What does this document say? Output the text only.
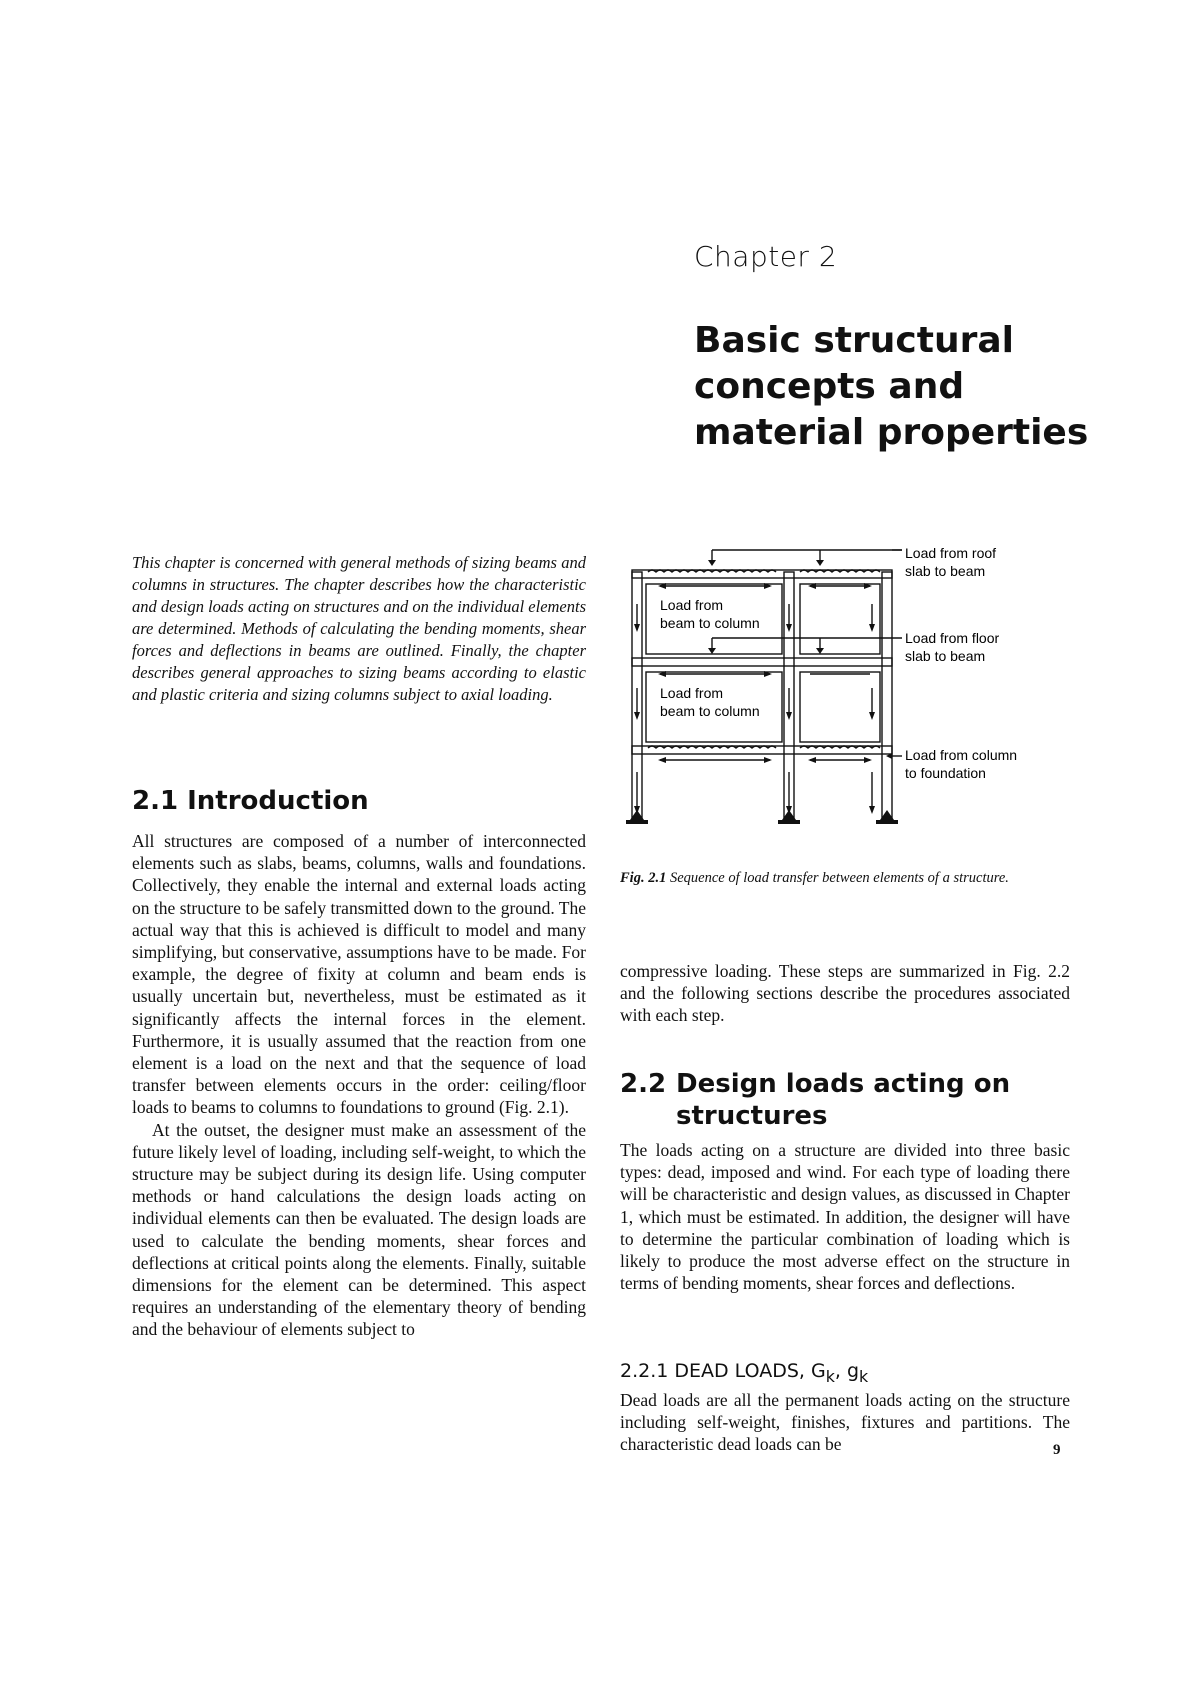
Chapter 2
Basic structural concepts and material properties
This chapter is concerned with general methods of sizing beams and columns in structures. The chapter describes how the characteristic and design loads acting on structures and on the individual elements are determined. Methods of calculating the bending moments, shear forces and deflections in beams are outlined. Finally, the chapter describes general approaches to sizing beams according to elastic and plastic criteria and sizing columns subject to axial loading.
2.1 Introduction

All structures are composed of a number of interconnected elements such as slabs, beams, columns, walls and foundations. Collectively, they enable the internal and external loads acting on the structure to be safely transmitted down to the ground. The actual way that this is achieved is difficult to model and many simplifying, but conservative, assumptions have to be made. For example, the degree of fixity at column and beam ends is usually uncertain but, nevertheless, must be estimated as it significantly affects the internal forces in the element. Furthermore, it is usually assumed that the reaction from one element is a load on the next and that the sequence of load transfer between elements occurs in the order: ceiling/floor loads to beams to columns to foundations to ground (Fig. 2.1).

At the outset, the designer must make an assessment of the future likely level of loading, including self-weight, to which the structure may be subject during its design life. Using computer methods or hand calculations the design loads acting on individual elements can then be evaluated. The design loads are used to calculate the bending moments, shear forces and deflections at critical points along the elements. Finally, suitable dimensions for the element can be determined. This aspect requires an understanding of the elementary theory of bending and the behaviour of elements subject to

Load from
beam to column
Load from
beam to column
Load from roof
slab to beam
Load from floor
slab to beam
Load from column
to foundation
Fig. 2.1 Sequence of load transfer between elements of a structure.
compressive loading. These steps are summarized in Fig. 2.2 and the following sections describe the procedures associated with each step.
2.2 Design loads acting on
structures
The loads acting on a structure are divided into three basic types: dead, imposed and wind. For each type of loading there will be characteristic and design values, as discussed in Chapter 1, which must be estimated. In addition, the designer will have to determine the particular combination of loading which is likely to produce the most adverse effect on the structure in terms of bending moments, shear forces and deflections.
2.2.1 DEAD LOADS, $G_k$, $g_k$
Dead loads are all the permanent loads acting on the structure including self-weight, finishes, fixtures and partitions. The characteristic dead loads can be	9
